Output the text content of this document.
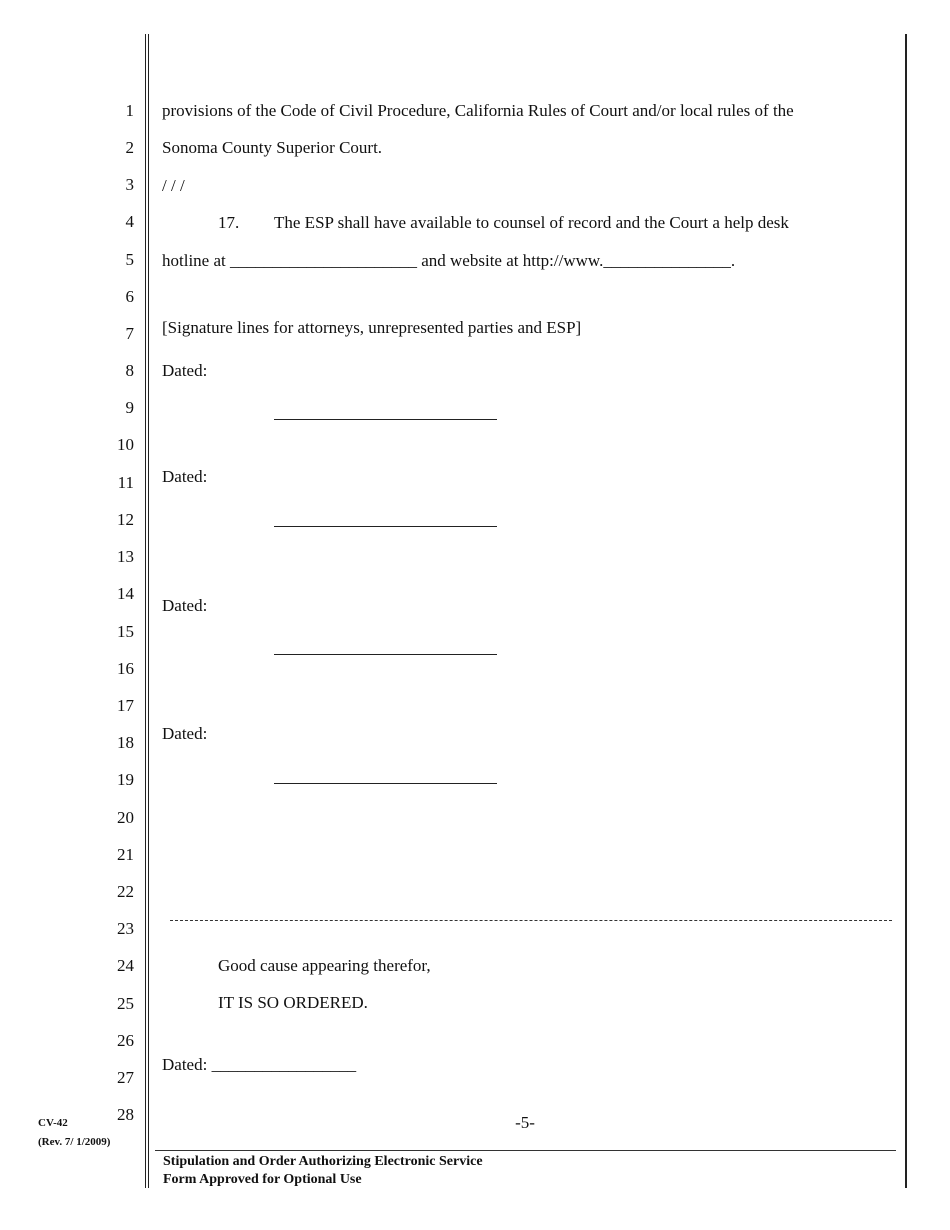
1
2
3
4
5
6
7
8
9
10
11
12
13
14
15
16
17
18
19
20
21
22
23
24
25
26
27
28
provisions of the Code of Civil Procedure, California Rules of Court and/or local rules of the
Sonoma County Superior Court.
/ / /
17. The ESP shall have available to counsel of record and the Court a help desk
hotline at ______________________ and website at http://www._______________.
[Signature lines for attorneys, unrepresented parties and ESP]
Dated:
Dated:
Dated:
Dated:
Good cause appearing therefor,
IT IS SO ORDERED.
Dated: _________________
-5-
CV-42
(Rev. 7/ 1/2009)
Stipulation and Order Authorizing Electronic Service
Form Approved for Optional Use
